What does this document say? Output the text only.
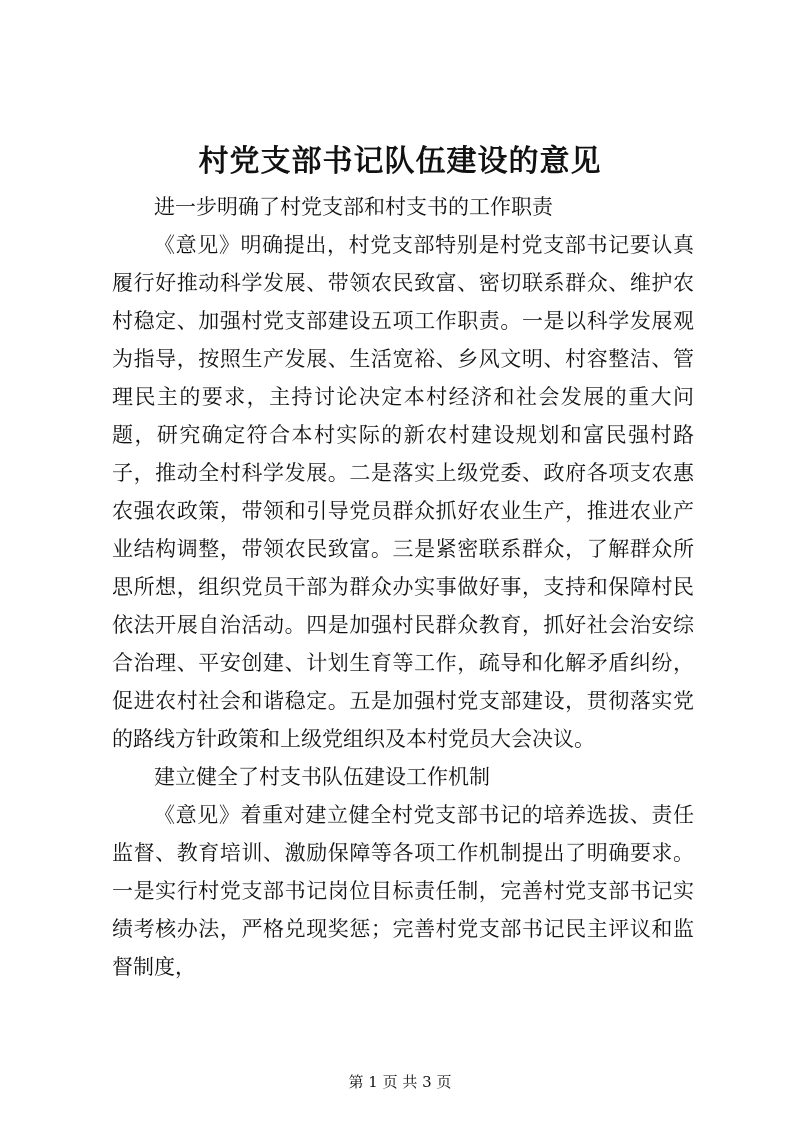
村党支部书记队伍建设的意见

进一步明确了村党支部和村支书的工作职责

《意见》明确提出，村党支部特别是村党支部书记要认真履行好推动科学发展、带领农民致富、密切联系群众、维护农村稳定、加强村党支部建设五项工作职责。一是以科学发展观为指导，按照生产发展、生活宽裕、乡风文明、村容整洁、管理民主的要求，主持讨论决定本村经济和社会发展的重大问题，研究确定符合本村实际的新农村建设规划和富民强村路子，推动全村科学发展。二是落实上级党委、政府各项支农惠农强农政策，带领和引导党员群众抓好农业生产，推进农业产业结构调整，带领农民致富。三是紧密联系群众，了解群众所思所想，组织党员干部为群众办实事做好事，支持和保障村民依法开展自治活动。四是加强村民群众教育，抓好社会治安综合治理、平安创建、计划生育等工作，疏导和化解矛盾纠纷，促进农村社会和谐稳定。五是加强村党支部建设，贯彻落实党的路线方针政策和上级党组织及本村党员大会决议。

建立健全了村支书队伍建设工作机制

《意见》着重对建立健全村党支部书记的培养选拔、责任监督、教育培训、激励保障等各项工作机制提出了明确要求。一是实行村党支部书记岗位目标责任制，完善村党支部书记实绩考核办法，严格兑现奖惩；完善村党支部书记民主评议和监督制度，

第 1 页 共 3 页
